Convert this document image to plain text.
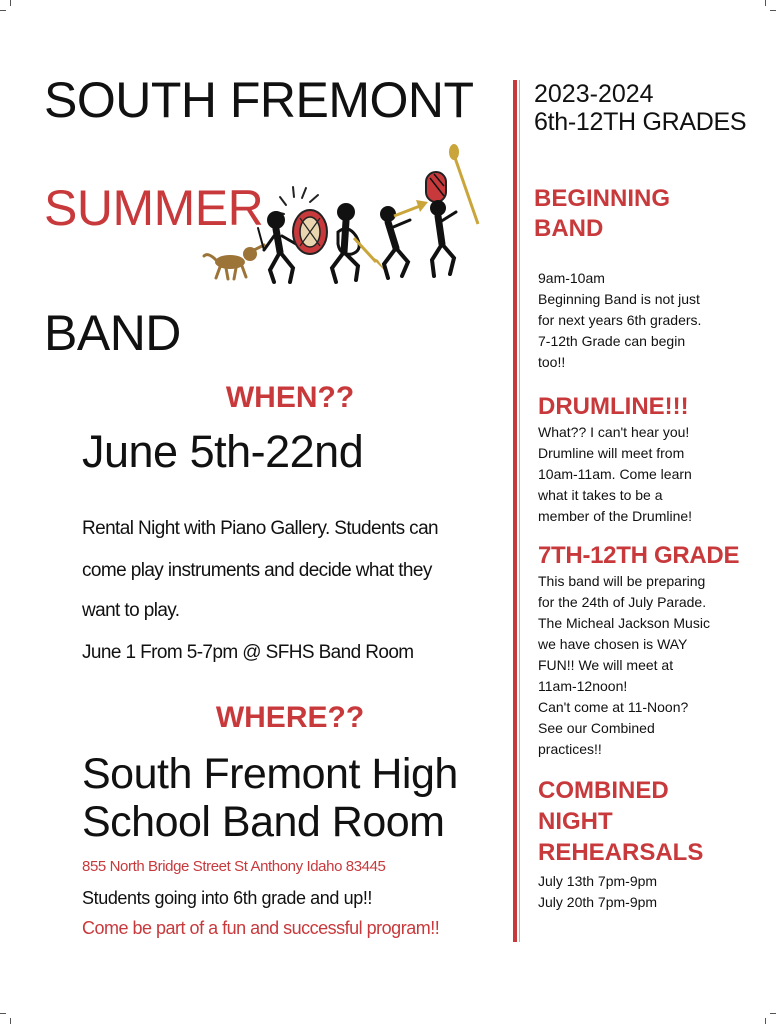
SOUTH FREMONT
SUMMER
BAND
WHEN??
June 5th-22nd
Rental Night with Piano Gallery. Students can
come play instruments and decide what they
want to play.
June 1 From 5-7pm @ SFHS Band Room
WHERE??
South Fremont High
School Band Room
855 North Bridge Street St Anthony Idaho 83445
Students going into 6th grade and up!!
Come be part of a fun and successful program!!
2023-2024
6th-12TH GRADES
BEGINNING
BAND
9am-10am
Beginning Band is not just
for next years 6th graders.
7-12th Grade can begin
too!!
DRUMLINE!!!
What?? I can't hear you!
Drumline will meet from
10am-11am. Come learn
what it takes to be a
member of the Drumline!
7TH-12TH GRADE
This band will be preparing
for the 24th of July Parade.
The Micheal Jackson Music
we have chosen is WAY
FUN!! We will meet at
11am-12noon!
Can't come at 11-Noon?
See our Combined
practices!!
COMBINED
NIGHT
REHEARSALS
July 13th 7pm-9pm
July 20th 7pm-9pm
